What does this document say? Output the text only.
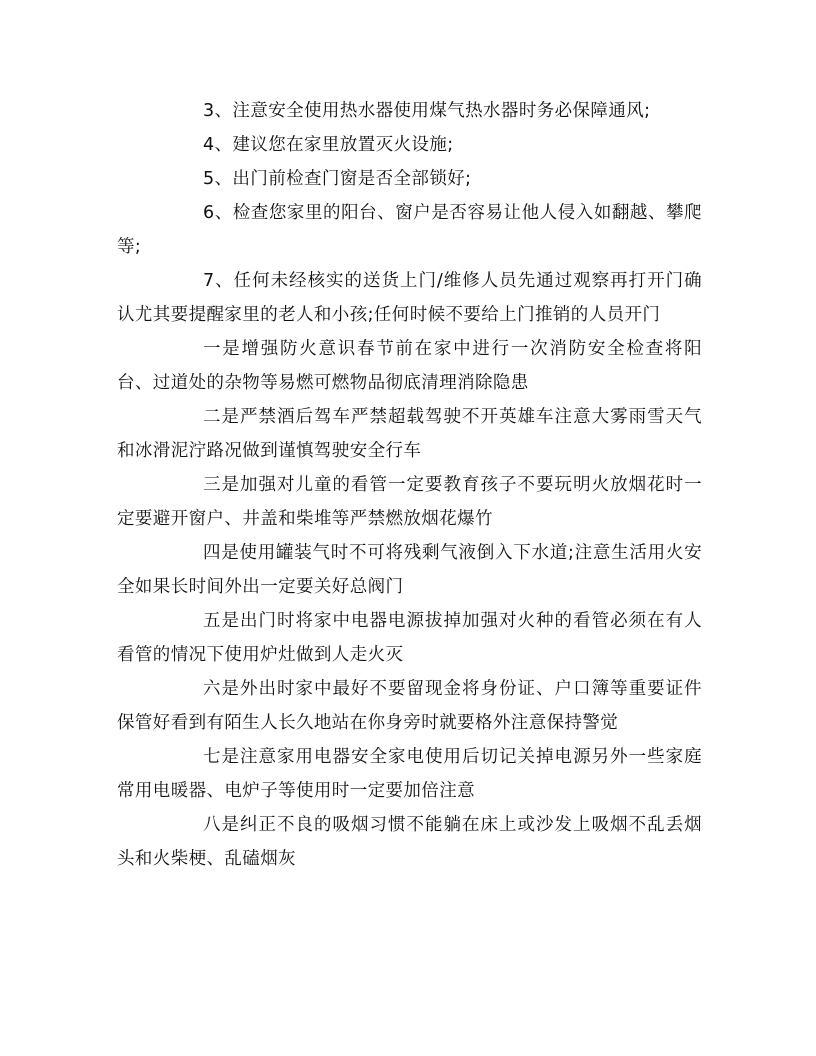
3、注意安全使用热水器使用煤气热水器时务必保障通风;

4、建议您在家里放置灭火设施;

5、出门前检查门窗是否全部锁好;

6、检查您家里的阳台、窗户是否容易让他人侵入如翻越、攀爬等;

7、任何未经核实的送货上门/维修人员先通过观察再打开门确认尤其要提醒家里的老人和小孩;任何时候不要给上门推销的人员开门

一是增强防火意识春节前在家中进行一次消防安全检查将阳台、过道处的杂物等易燃可燃物品彻底清理消除隐患

二是严禁酒后驾车严禁超载驾驶不开英雄车注意大雾雨雪天气和冰滑泥泞路况做到谨慎驾驶安全行车

三是加强对儿童的看管一定要教育孩子不要玩明火放烟花时一定要避开窗户、井盖和柴堆等严禁燃放烟花爆竹

四是使用罐装气时不可将残剩气液倒入下水道;注意生活用火安全如果长时间外出一定要关好总阀门

五是出门时将家中电器电源拔掉加强对火种的看管必须在有人看管的情况下使用炉灶做到人走火灭

六是外出时家中最好不要留现金将身份证、户口簿等重要证件保管好看到有陌生人长久地站在你身旁时就要格外注意保持警觉

七是注意家用电器安全家电使用后切记关掉电源另外一些家庭常用电暖器、电炉子等使用时一定要加倍注意

八是纠正不良的吸烟习惯不能躺在床上或沙发上吸烟不乱丢烟头和火柴梗、乱磕烟灰
